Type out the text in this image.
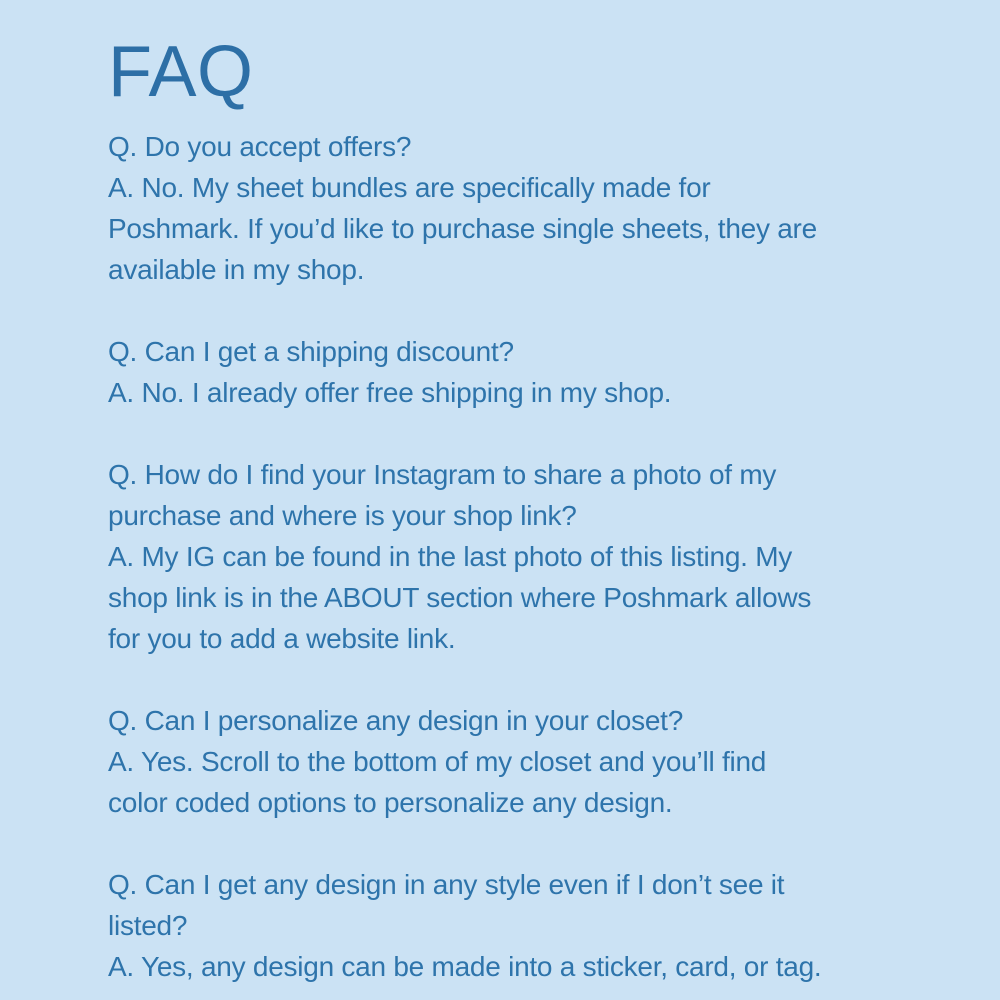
FAQ
Q. Do you accept offers?
A. No. My sheet bundles are specifically made for
Poshmark. If you’d like to purchase single sheets, they are
available in my shop.
Q. Can I get a shipping discount?
A. No. I already offer free shipping in my shop.
Q. How do I find your Instagram to share a photo of my
purchase and where is your shop link?
A. My IG can be found in the last photo of this listing. My
shop link is in the ABOUT section where Poshmark allows
for you to add a website link.
Q. Can I personalize any design in your closet?
A. Yes. Scroll to the bottom of my closet and you’ll find
color coded options to personalize any design.
Q. Can I get any design in any style even if I don’t see it
listed?
A. Yes, any design can be made into a sticker, card, or tag.
